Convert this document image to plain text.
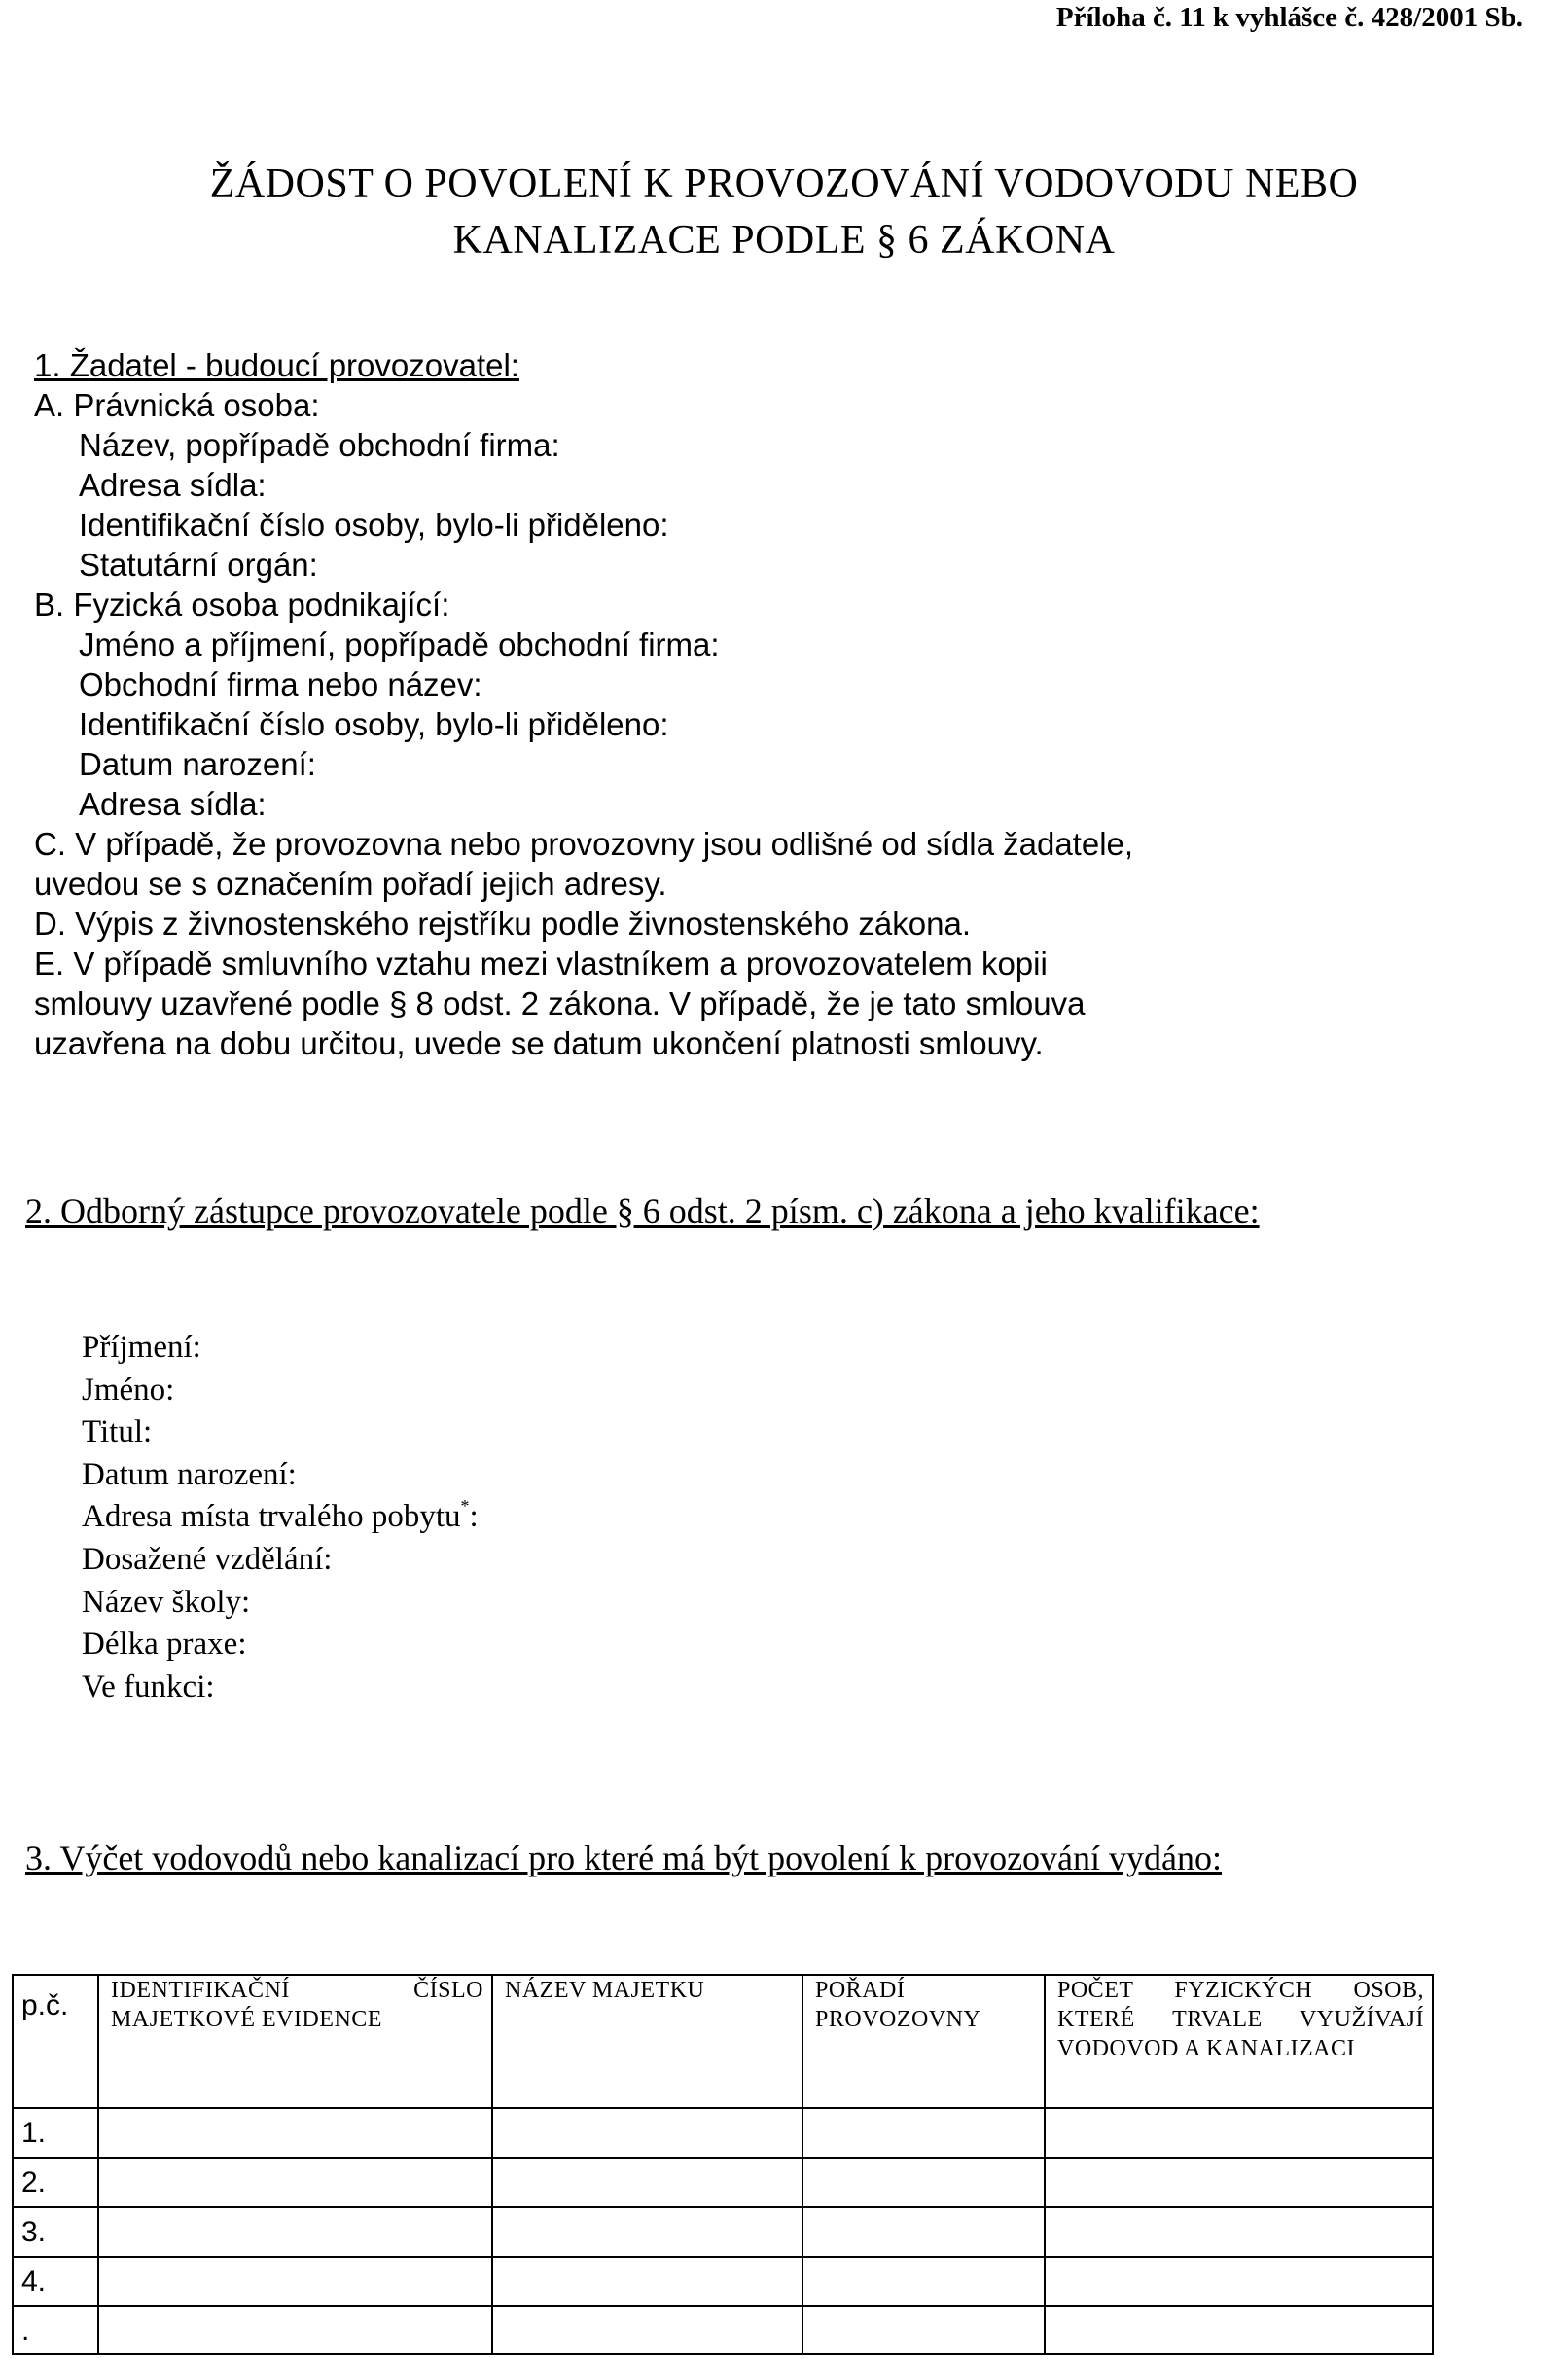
Příloha č. 11 k vyhlášce č. 428/2001 Sb.
ŽÁDOST O POVOLENÍ K PROVOZOVÁNÍ VODOVODU NEBO
KANALIZACE PODLE § 6 ZÁKONA
1. Žadatel - budoucí provozovatel:
A. Právnická osoba:
Název, popřípadě obchodní firma:
Adresa sídla:
Identifikační číslo osoby, bylo-li přiděleno:
Statutární orgán:
B. Fyzická osoba podnikající:
Jméno a příjmení, popřípadě obchodní firma:
Obchodní firma nebo název:
Identifikační číslo osoby, bylo-li přiděleno:
Datum narození:
Adresa sídla:
C. V případě, že provozovna nebo provozovny jsou odlišné od sídla žadatele,
uvedou se s označením pořadí jejich adresy.
D. Výpis z živnostenského rejstříku podle živnostenského zákona.
E. V případě smluvního vztahu mezi vlastníkem a provozovatelem kopii
smlouvy uzavřené podle § 8 odst. 2 zákona. V případě, že je tato smlouva
uzavřena na dobu určitou, uvede se datum ukončení platnosti smlouvy.
2. Odborný zástupce provozovatele podle § 6 odst. 2 písm. c) zákona a jeho kvalifikace:
Příjmení:
Jméno:
Titul:
Datum narození:
Adresa místa trvalého pobytu*:
Dosažené vzdělání:
Název školy:
Délka praxe:
Ve funkci:
3. Výčet vodovodů nebo kanalizací pro které má být povolení k provozování vydáno:
p.č.	IDENTIFIKAČNÍ ČÍSLO MAJETKOVÉ EVIDENCE	NÁZEV MAJETKU	POŘADÍ PROVOZOVNY	POČET FYZICKÝCH OSOB, KTERÉ TRVALE VYUŽÍVAJÍ VODOVOD A KANALIZACI
1.				
2.				
3.				
4.				
.				
